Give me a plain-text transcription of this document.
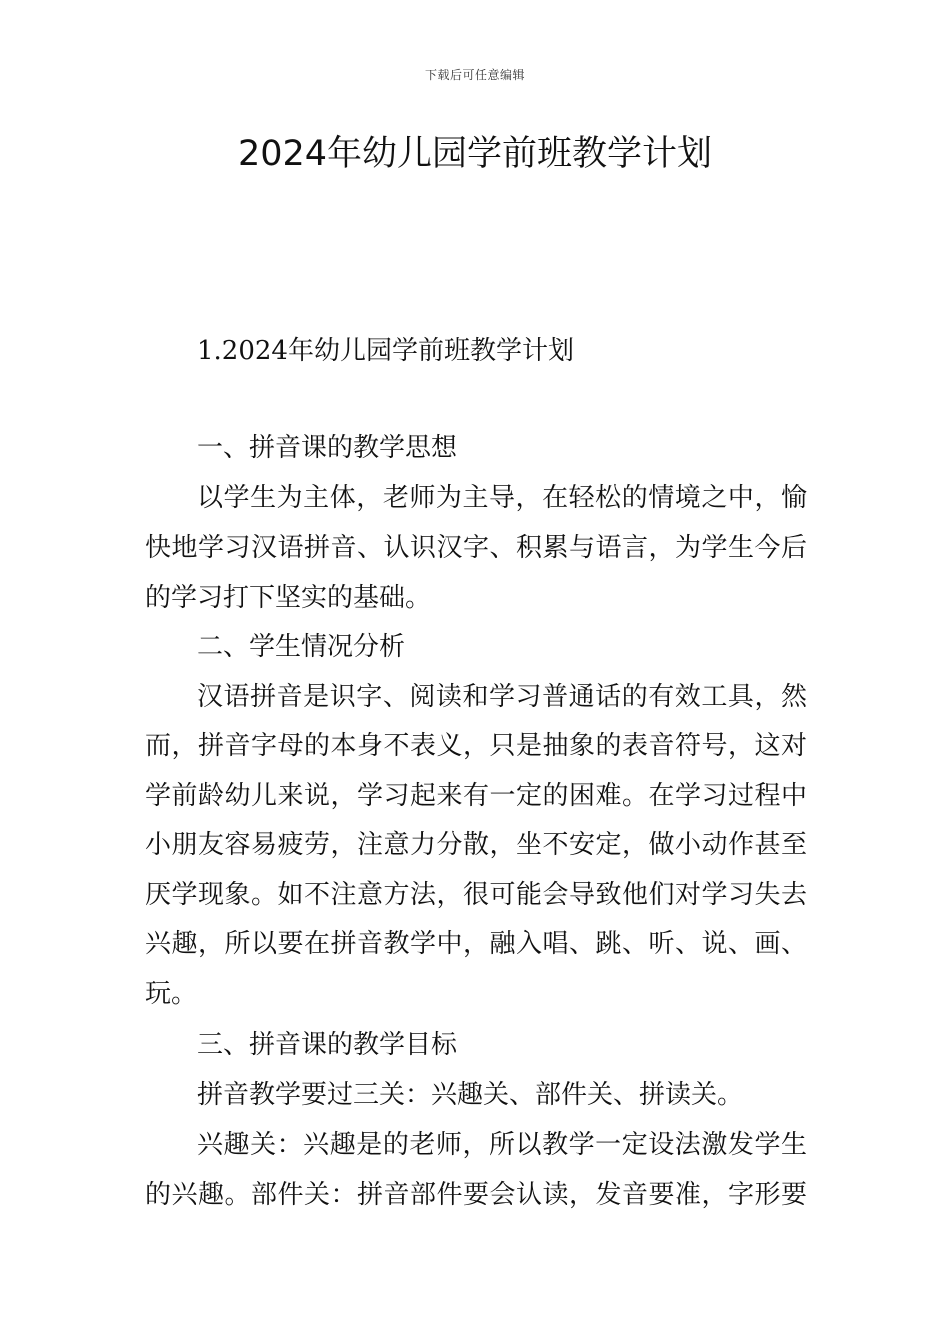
下载后可任意编辑
2024年幼儿园学前班教学计划
1.2024年幼儿园学前班教学计划
一、拼音课的教学思想
以学生为主体，老师为主导，在轻松的情境之中，愉
快地学习汉语拼音、认识汉字、积累与语言，为学生今后
的学习打下坚实的基础。
二、学生情况分析
汉语拼音是识字、阅读和学习普通话的有效工具，然
而，拼音字母的本身不表义，只是抽象的表音符号，这对
学前龄幼儿来说，学习起来有一定的困难。在学习过程中
小朋友容易疲劳，注意力分散，坐不安定，做小动作甚至
厌学现象。如不注意方法，很可能会导致他们对学习失去
兴趣，所以要在拼音教学中，融入唱、跳、听、说、画、
玩。
三、拼音课的教学目标
拼音教学要过三关：兴趣关、部件关、拼读关。
兴趣关：兴趣是的老师，所以教学一定设法激发学生
的兴趣。部件关：拼音部件要会认读，发音要准，字形要
